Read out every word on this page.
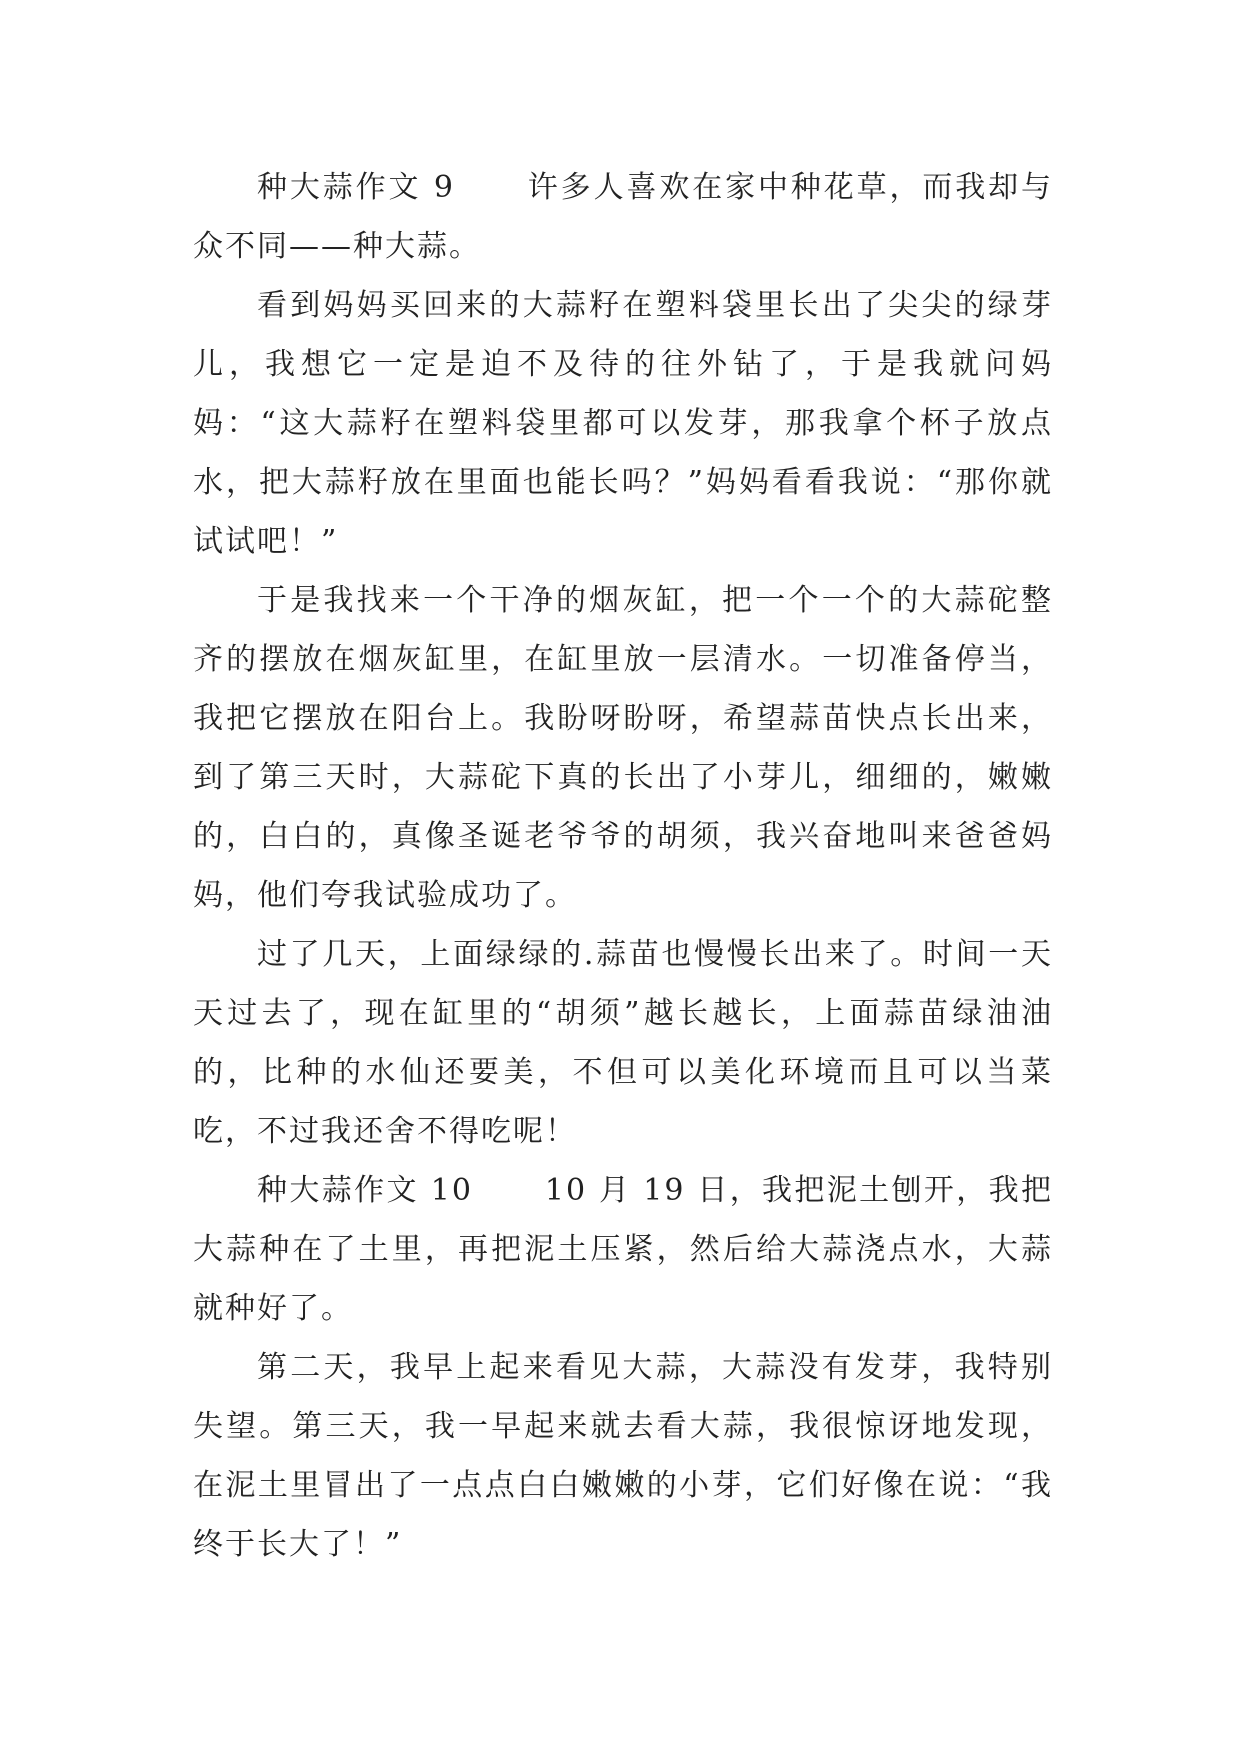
种大蒜作文 9 许多人喜欢在家中种花草，而我却与众不同——种大蒜。

看到妈妈买回来的大蒜籽在塑料袋里长出了尖尖的绿芽儿，我想它一定是迫不及待的往外钻了，于是我就问妈妈：“这大蒜籽在塑料袋里都可以发芽，那我拿个杯子放点水，把大蒜籽放在里面也能长吗？”妈妈看看我说：“那你就试试吧！”

于是我找来一个干净的烟灰缸，把一个一个的大蒜砣整齐的摆放在烟灰缸里，在缸里放一层清水。一切准备停当，我把它摆放在阳台上。我盼呀盼呀，希望蒜苗快点长出来，到了第三天时，大蒜砣下真的长出了小芽儿，细细的，嫩嫩的，白白的，真像圣诞老爷爷的胡须，我兴奋地叫来爸爸妈妈，他们夸我试验成功了。

过了几天，上面绿绿的.蒜苗也慢慢长出来了。时间一天天过去了，现在缸里的“胡须”越长越长，上面蒜苗绿油油的，比种的水仙还要美，不但可以美化环境而且可以当菜吃，不过我还舍不得吃呢！

种大蒜作文 10 10 月 19 日，我把泥土刨开，我把大蒜种在了土里，再把泥土压紧，然后给大蒜浇点水，大蒜就种好了。

第二天，我早上起来看见大蒜，大蒜没有发芽，我特别失望。第三天，我一早起来就去看大蒜，我很惊讶地发现，在泥土里冒出了一点点白白嫩嫩的小芽，它们好像在说：“我终于长大了！”
